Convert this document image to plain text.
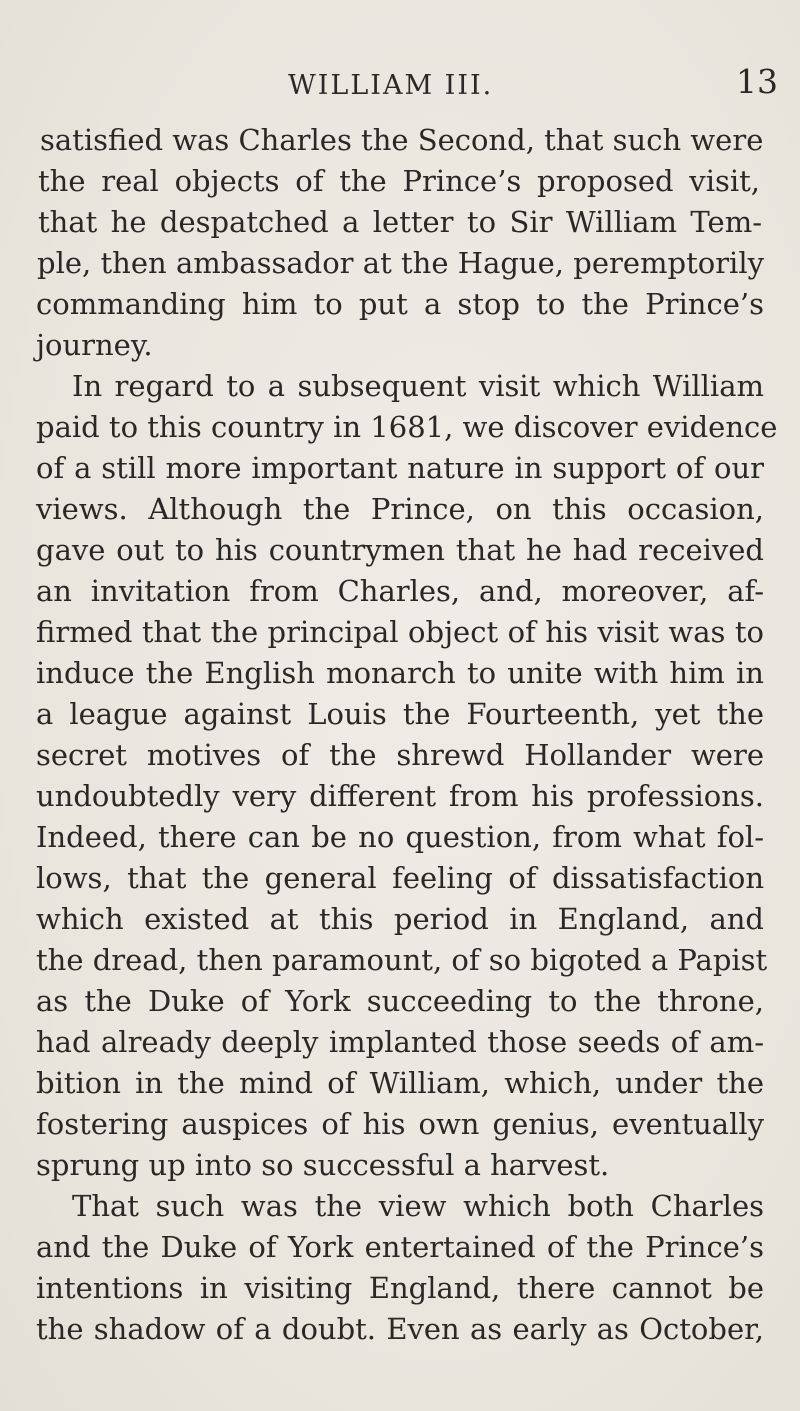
WILLIAM III.	13
satisfied was Charles the Second, that such were
the real objects of the Prince’s proposed visit,
that he despatched a letter to Sir William Tem-
ple, then ambassador at the Hague, peremptorily
commanding him to put a stop to the Prince’s
journey.
In regard to a subsequent visit which William
paid to this country in 1681, we discover evidence
of a still more important nature in support of our
views. Although the Prince, on this occasion,
gave out to his countrymen that he had received
an invitation from Charles, and, moreover, af-
firmed that the principal object of his visit was to
induce the English monarch to unite with him in
a league against Louis the Fourteenth, yet the
secret motives of the shrewd Hollander were
undoubtedly very different from his professions.
Indeed, there can be no question, from what fol-
lows, that the general feeling of dissatisfaction
which existed at this period in England, and
the dread, then paramount, of so bigoted a Papist
as the Duke of York succeeding to the throne,
had already deeply implanted those seeds of am-
bition in the mind of William, which, under the
fostering auspices of his own genius, eventually
sprung up into so successful a harvest.
That such was the view which both Charles
and the Duke of York entertained of the Prince’s
intentions in visiting England, there cannot be
the shadow of a doubt. Even as early as October,
